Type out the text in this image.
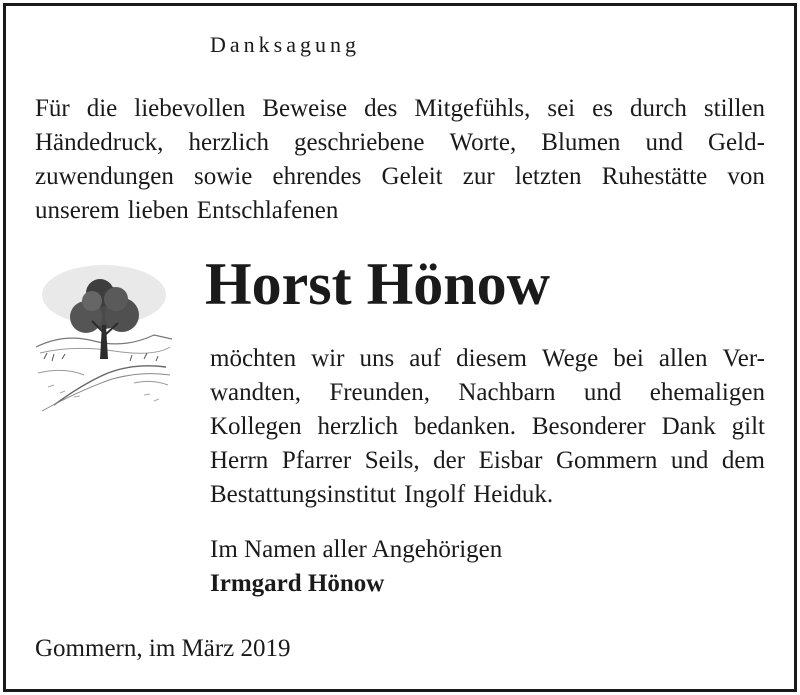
Danksagung
Für die liebevollen Beweise des Mitgefühls, sei es durch stillen
Händedruck, herzlich geschriebene Worte, Blumen und Geld-
zuwendungen sowie ehrendes Geleit zur letzten Ruhestätte von
unserem lieben Entschlafenen
Horst Hönow
möchten wir uns auf diesem Wege bei allen Ver-
wandten, Freunden, Nachbarn und ehemaligen
Kollegen herzlich bedanken. Besonderer Dank gilt
Herrn Pfarrer Seils, der Eisbar Gommern und dem
Bestattungsinstitut Ingolf Heiduk.
Im Namen aller Angehörigen
Irmgard Hönow
Gommern, im März 2019
